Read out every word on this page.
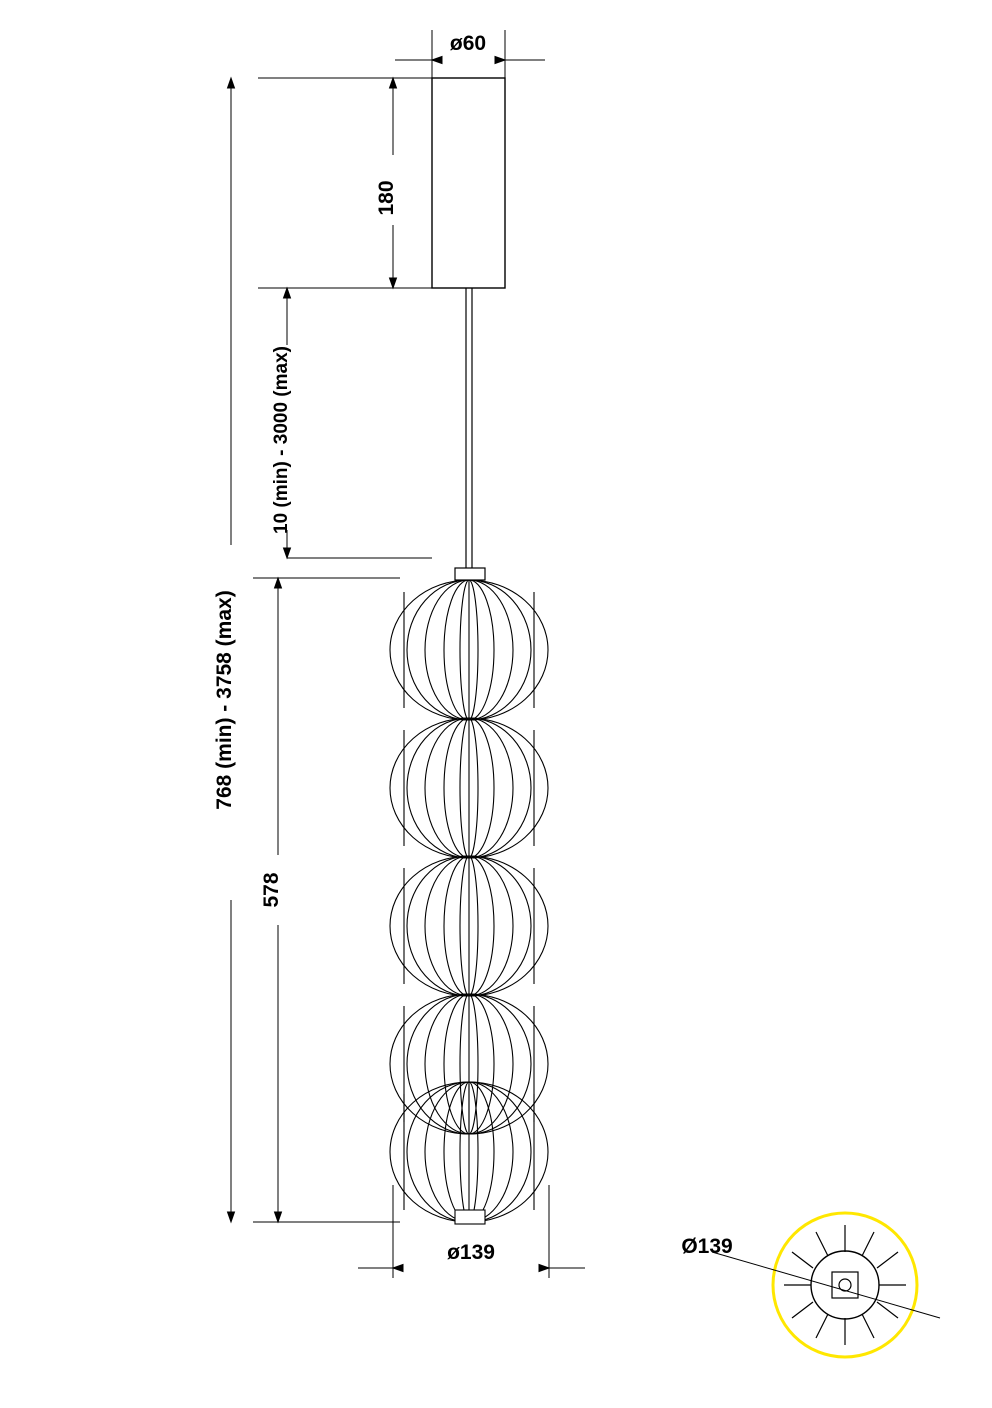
ø60
180
10 (min) - 3000 (max)
768 (min) - 3758 (max)
578
ø139	Ø139
